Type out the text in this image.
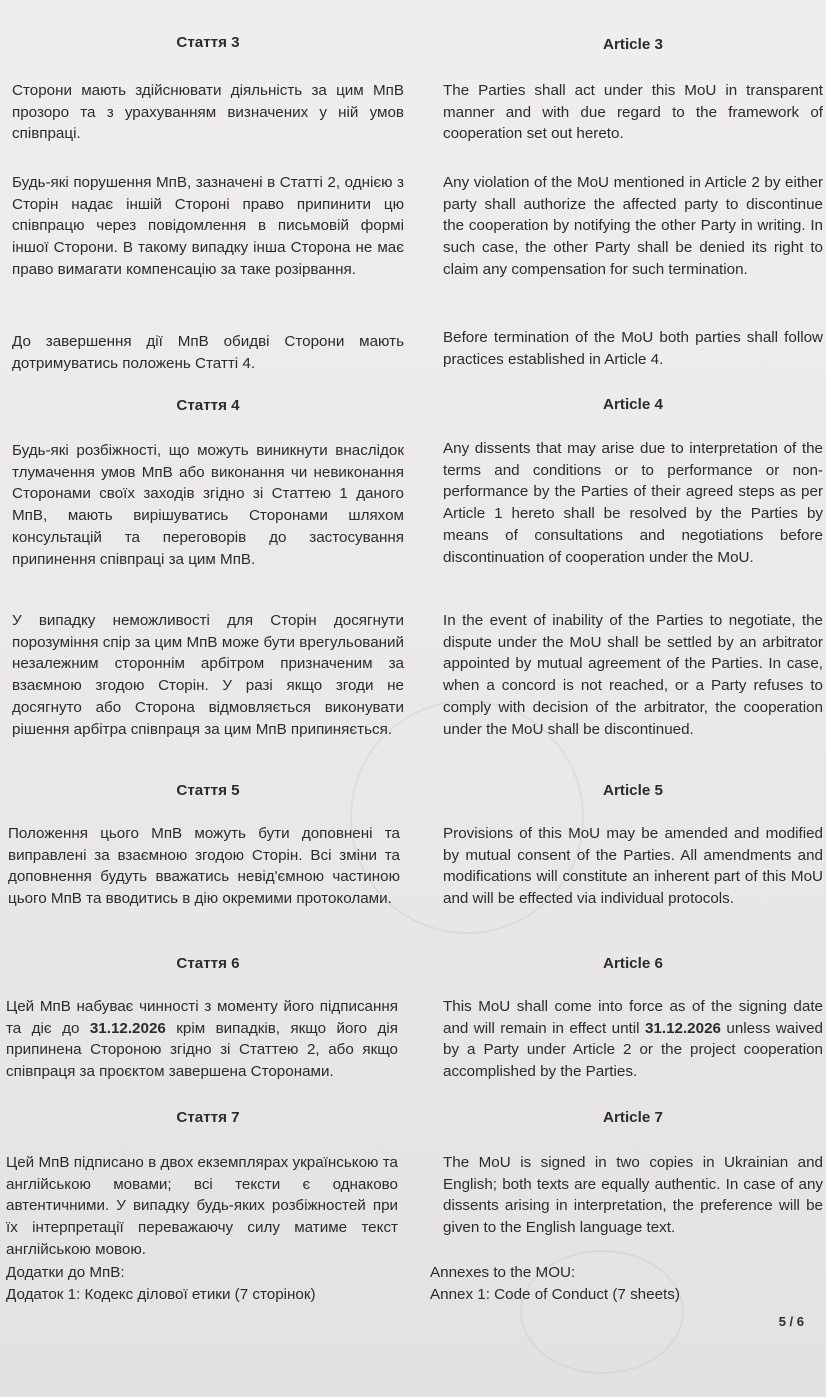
Стаття 3

Сторони мають здійснювати діяльність за цим МпВ прозоро та з урахуванням визначених у ній умов співпраці.

Будь-які порушення МпВ, зазначені в Статті 2, однією з Сторін надає іншій Стороні право припинити цю співпрацю через повідомлення в письмовій формі іншої Сторони. В такому випадку інша Сторона не має право вимагати компенсацію за таке розірвання.

До завершення дії МпВ обидві Сторони мають дотримуватись положень Статті 4.

Стаття 4

Будь-які розбіжності, що можуть виникнути внаслідок тлумачення умов МпВ або виконання чи невиконання Сторонами своїх заходів згідно зі Статтею 1 даного МпВ, мають вирішуватись Сторонами шляхом консультацій та переговорів до застосування припинення співпраці за цим МпВ.

У випадку неможливості для Сторін досягнути порозуміння спір за цим МпВ може бути врегульований незалежним стороннім арбітром призначеним за взаємною згодою Сторін. У разі якщо згоди не досягнуто або Сторона відмовляється виконувати рішення арбітра співпраця за цим МпВ припиняється.

Стаття 5

Положення цього МпВ можуть бути доповнені та виправлені за взаємною згодою Сторін. Всі зміни та доповнення будуть вважатись невід'ємною частиною цього МпВ та вводитись в дію окремими протоколами.

Стаття 6

Цей МпВ набуває чинності з моменту його підписання та діє до 31.12.2026 крім випадків, якщо його дія припинена Стороною згідно зі Статтею 2, або якщо співпраця за проєктом завершена Сторонами.

Стаття 7

Цей МпВ підписано в двох екземплярах українською та англійською мовами; всі тексти є однаково автентичними. У випадку будь-яких розбіжностей при їх інтерпретації переважаючу силу матиме текст англійською мовою.

Додатки до МпВ:

Додаток 1: Кодекс ділової етики (7 сторінок)

Article 3

The Parties shall act under this MoU in transparent manner and with due regard to the framework of cooperation set out hereto.

Any violation of the MoU mentioned in Article 2 by either party shall authorize the affected party to discontinue the cooperation by notifying the other Party in writing. In such case, the other Party shall be denied its right to claim any compensation for such termination.

Before termination of the MoU both parties shall follow practices established in Article 4.

Article 4

Any dissents that may arise due to interpretation of the terms and conditions or to performance or non-performance by the Parties of their agreed steps as per Article 1 hereto shall be resolved by the Parties by means of consultations and negotiations before discontinuation of cooperation under the MoU.

In the event of inability of the Parties to negotiate, the dispute under the MoU shall be settled by an arbitrator appointed by mutual agreement of the Parties. In case, when a concord is not reached, or a Party refuses to comply with decision of the arbitrator, the cooperation under the MoU shall be discontinued.

Article 5

Provisions of this MoU may be amended and modified by mutual consent of the Parties. All amendments and modifications will constitute an inherent part of this MoU and will be effected via individual protocols.

Article 6

This MoU shall come into force as of the signing date and will remain in effect until 31.12.2026 unless waived by a Party under Article 2 or the project cooperation accomplished by the Parties.

Article 7

The MoU is signed in two copies in Ukrainian and English; both texts are equally authentic. In case of any dissents arising in interpretation, the preference will be given to the English language text.

Annexes to the MOU:

Annex 1: Code of Conduct (7 sheets)

5 / 6
